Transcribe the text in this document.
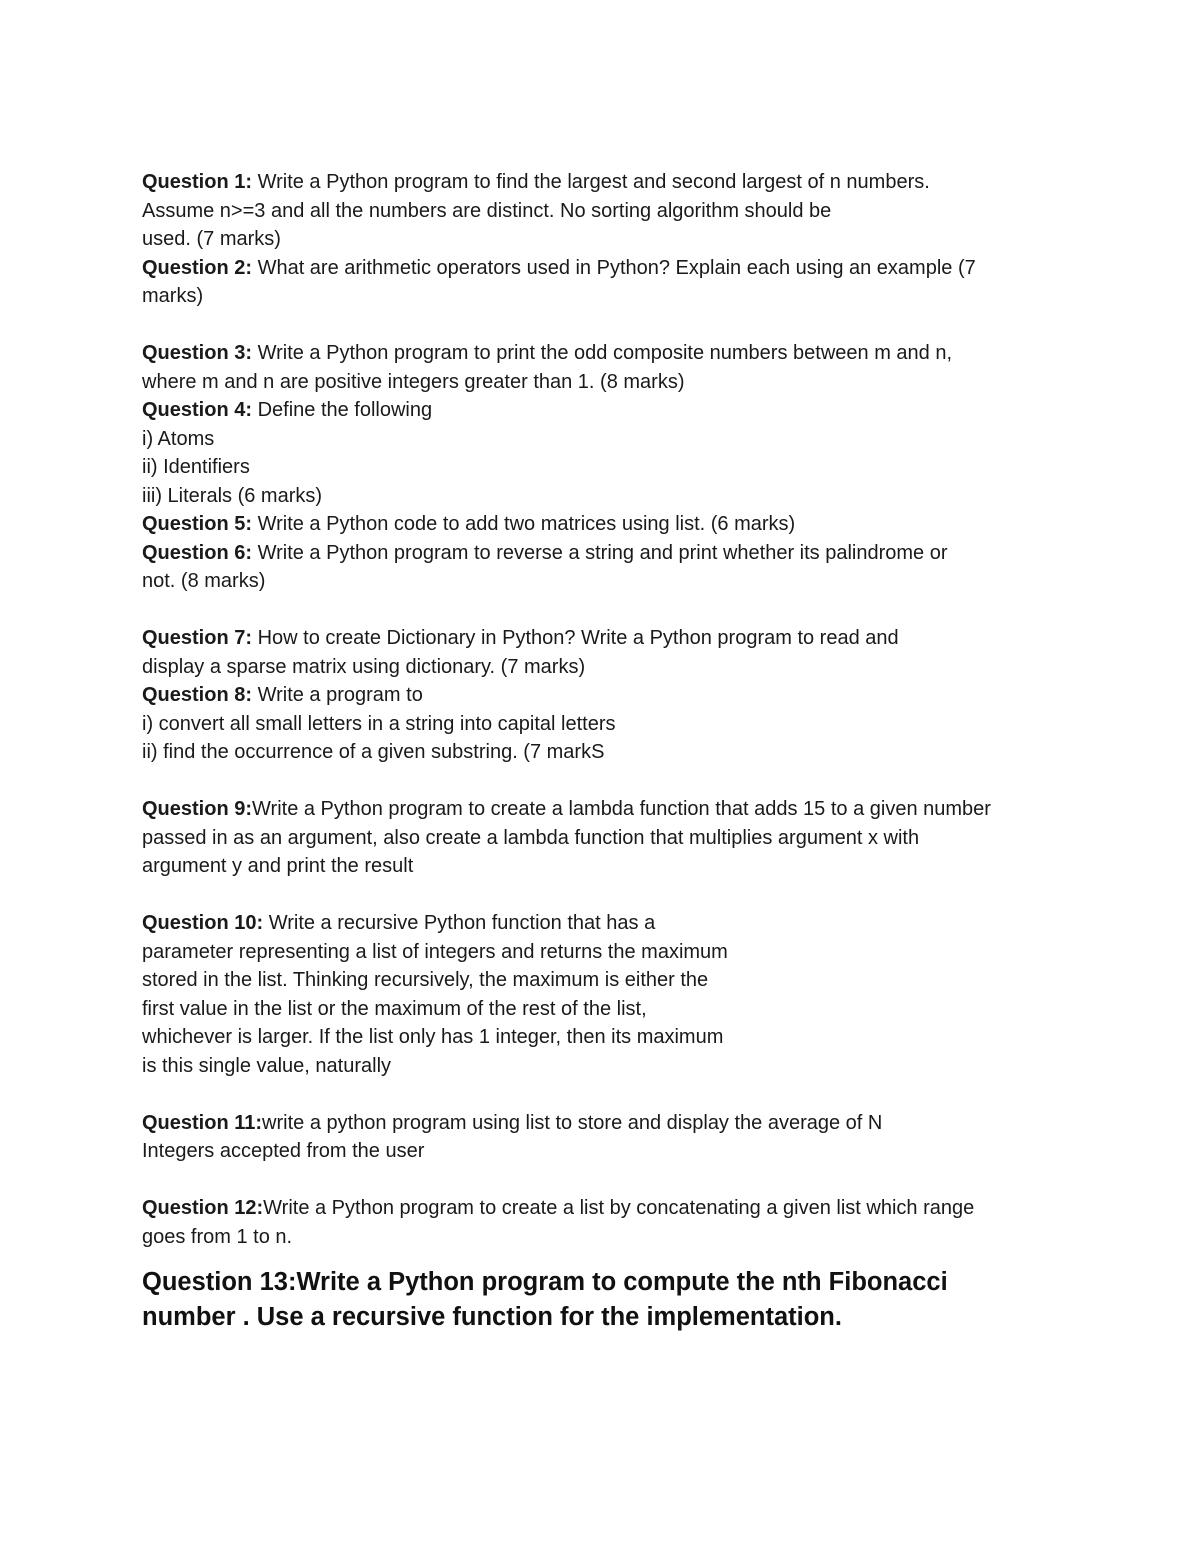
Question 1: Write a Python program to find the largest and second largest of n numbers.
Assume n>=3 and all the numbers are distinct. No sorting algorithm should be
used. (7 marks)
Question 2: What are arithmetic operators used in Python? Explain each using an example (7
marks)
Question 3: Write a Python program to print the odd composite numbers between m and n,
where m and n are positive integers greater than 1. (8 marks)
Question 4: Define the following
i) Atoms
ii) Identifiers
iii) Literals (6 marks)
Question 5: Write a Python code to add two matrices using list. (6 marks)
Question 6: Write a Python program to reverse a string and print whether its palindrome or
not. (8 marks)
Question 7: How to create Dictionary in Python? Write a Python program to read and
display a sparse matrix using dictionary. (7 marks)
Question 8: Write a program to
i) convert all small letters in a string into capital letters
ii) find the occurrence of a given substring. (7 markS
Question 9:Write a Python program to create a lambda function that adds 15 to a given number
passed in as an argument, also create a lambda function that multiplies argument x with
argument y and print the result
Question 10: Write a recursive Python function that has a
parameter representing a list of integers and returns the maximum
stored in the list. Thinking recursively, the maximum is either the
first value in the list or the maximum of the rest of the list,
whichever is larger. If the list only has 1 integer, then its maximum
is this single value, naturally
Question 11:write a python program using list to store and display the average of N
Integers accepted from the user
Question 12:Write a Python program to create a list by concatenating a given list which range
goes from 1 to n.
Question 13:Write a Python program to compute the nth Fibonacci
number . Use a recursive function for the implementation.
